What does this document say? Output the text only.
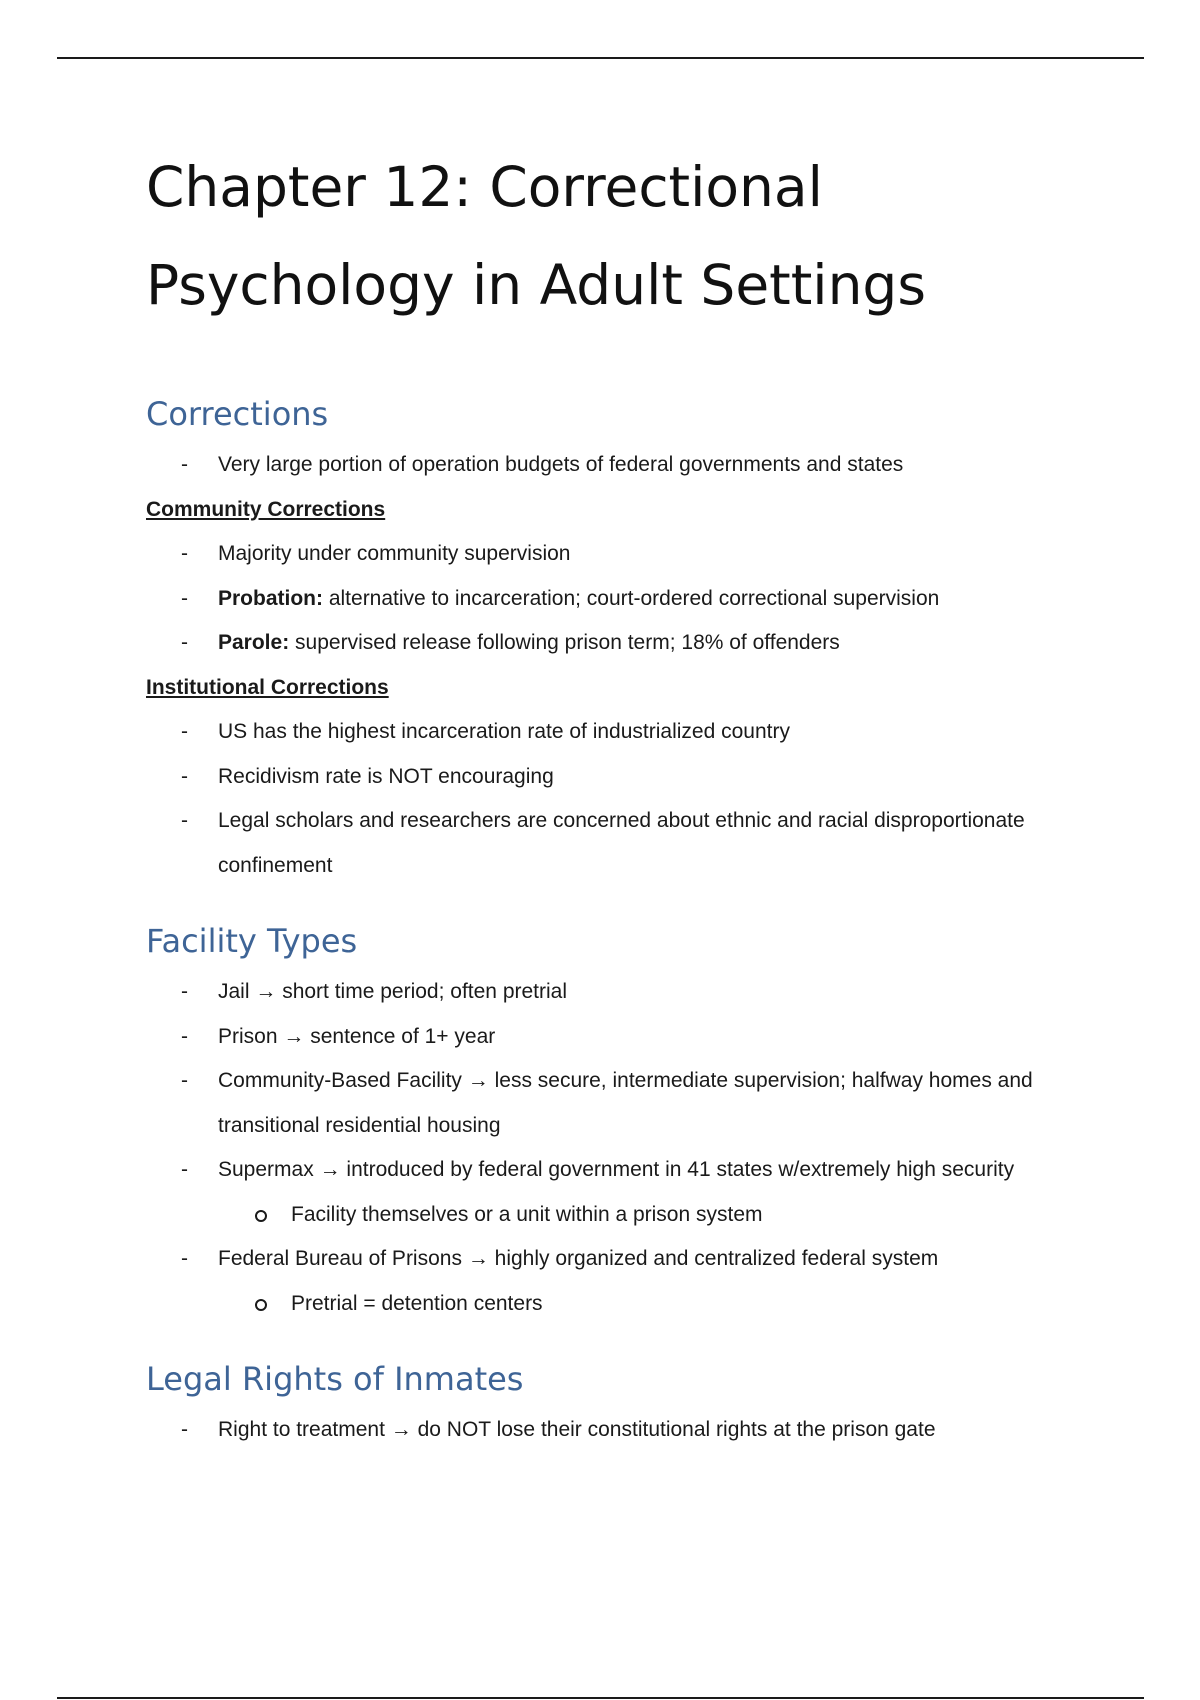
Chapter 12: Correctional
Psychology in Adult Settings
Corrections
- Very large portion of operation budgets of federal governments and states
Community Corrections
- Majority under community supervision
- Probation: alternative to incarceration; court-ordered correctional supervision
- Parole: supervised release following prison term; 18% of offenders
Institutional Corrections
- US has the highest incarceration rate of industrialized country
- Recidivism rate is NOT encouraging
- Legal scholars and researchers are concerned about ethnic and racial disproportionate confinement
Facility Types
- Jail → short time period; often pretrial
- Prison → sentence of 1+ year
- Community-Based Facility → less secure, intermediate supervision; halfway homes and transitional residential housing
- Supermax → introduced by federal government in 41 states w/extremely high security
Facility themselves or a unit within a prison system
- Federal Bureau of Prisons → highly organized and centralized federal system
Pretrial = detention centers
Legal Rights of Inmates
- Right to treatment → do NOT lose their constitutional rights at the prison gate
